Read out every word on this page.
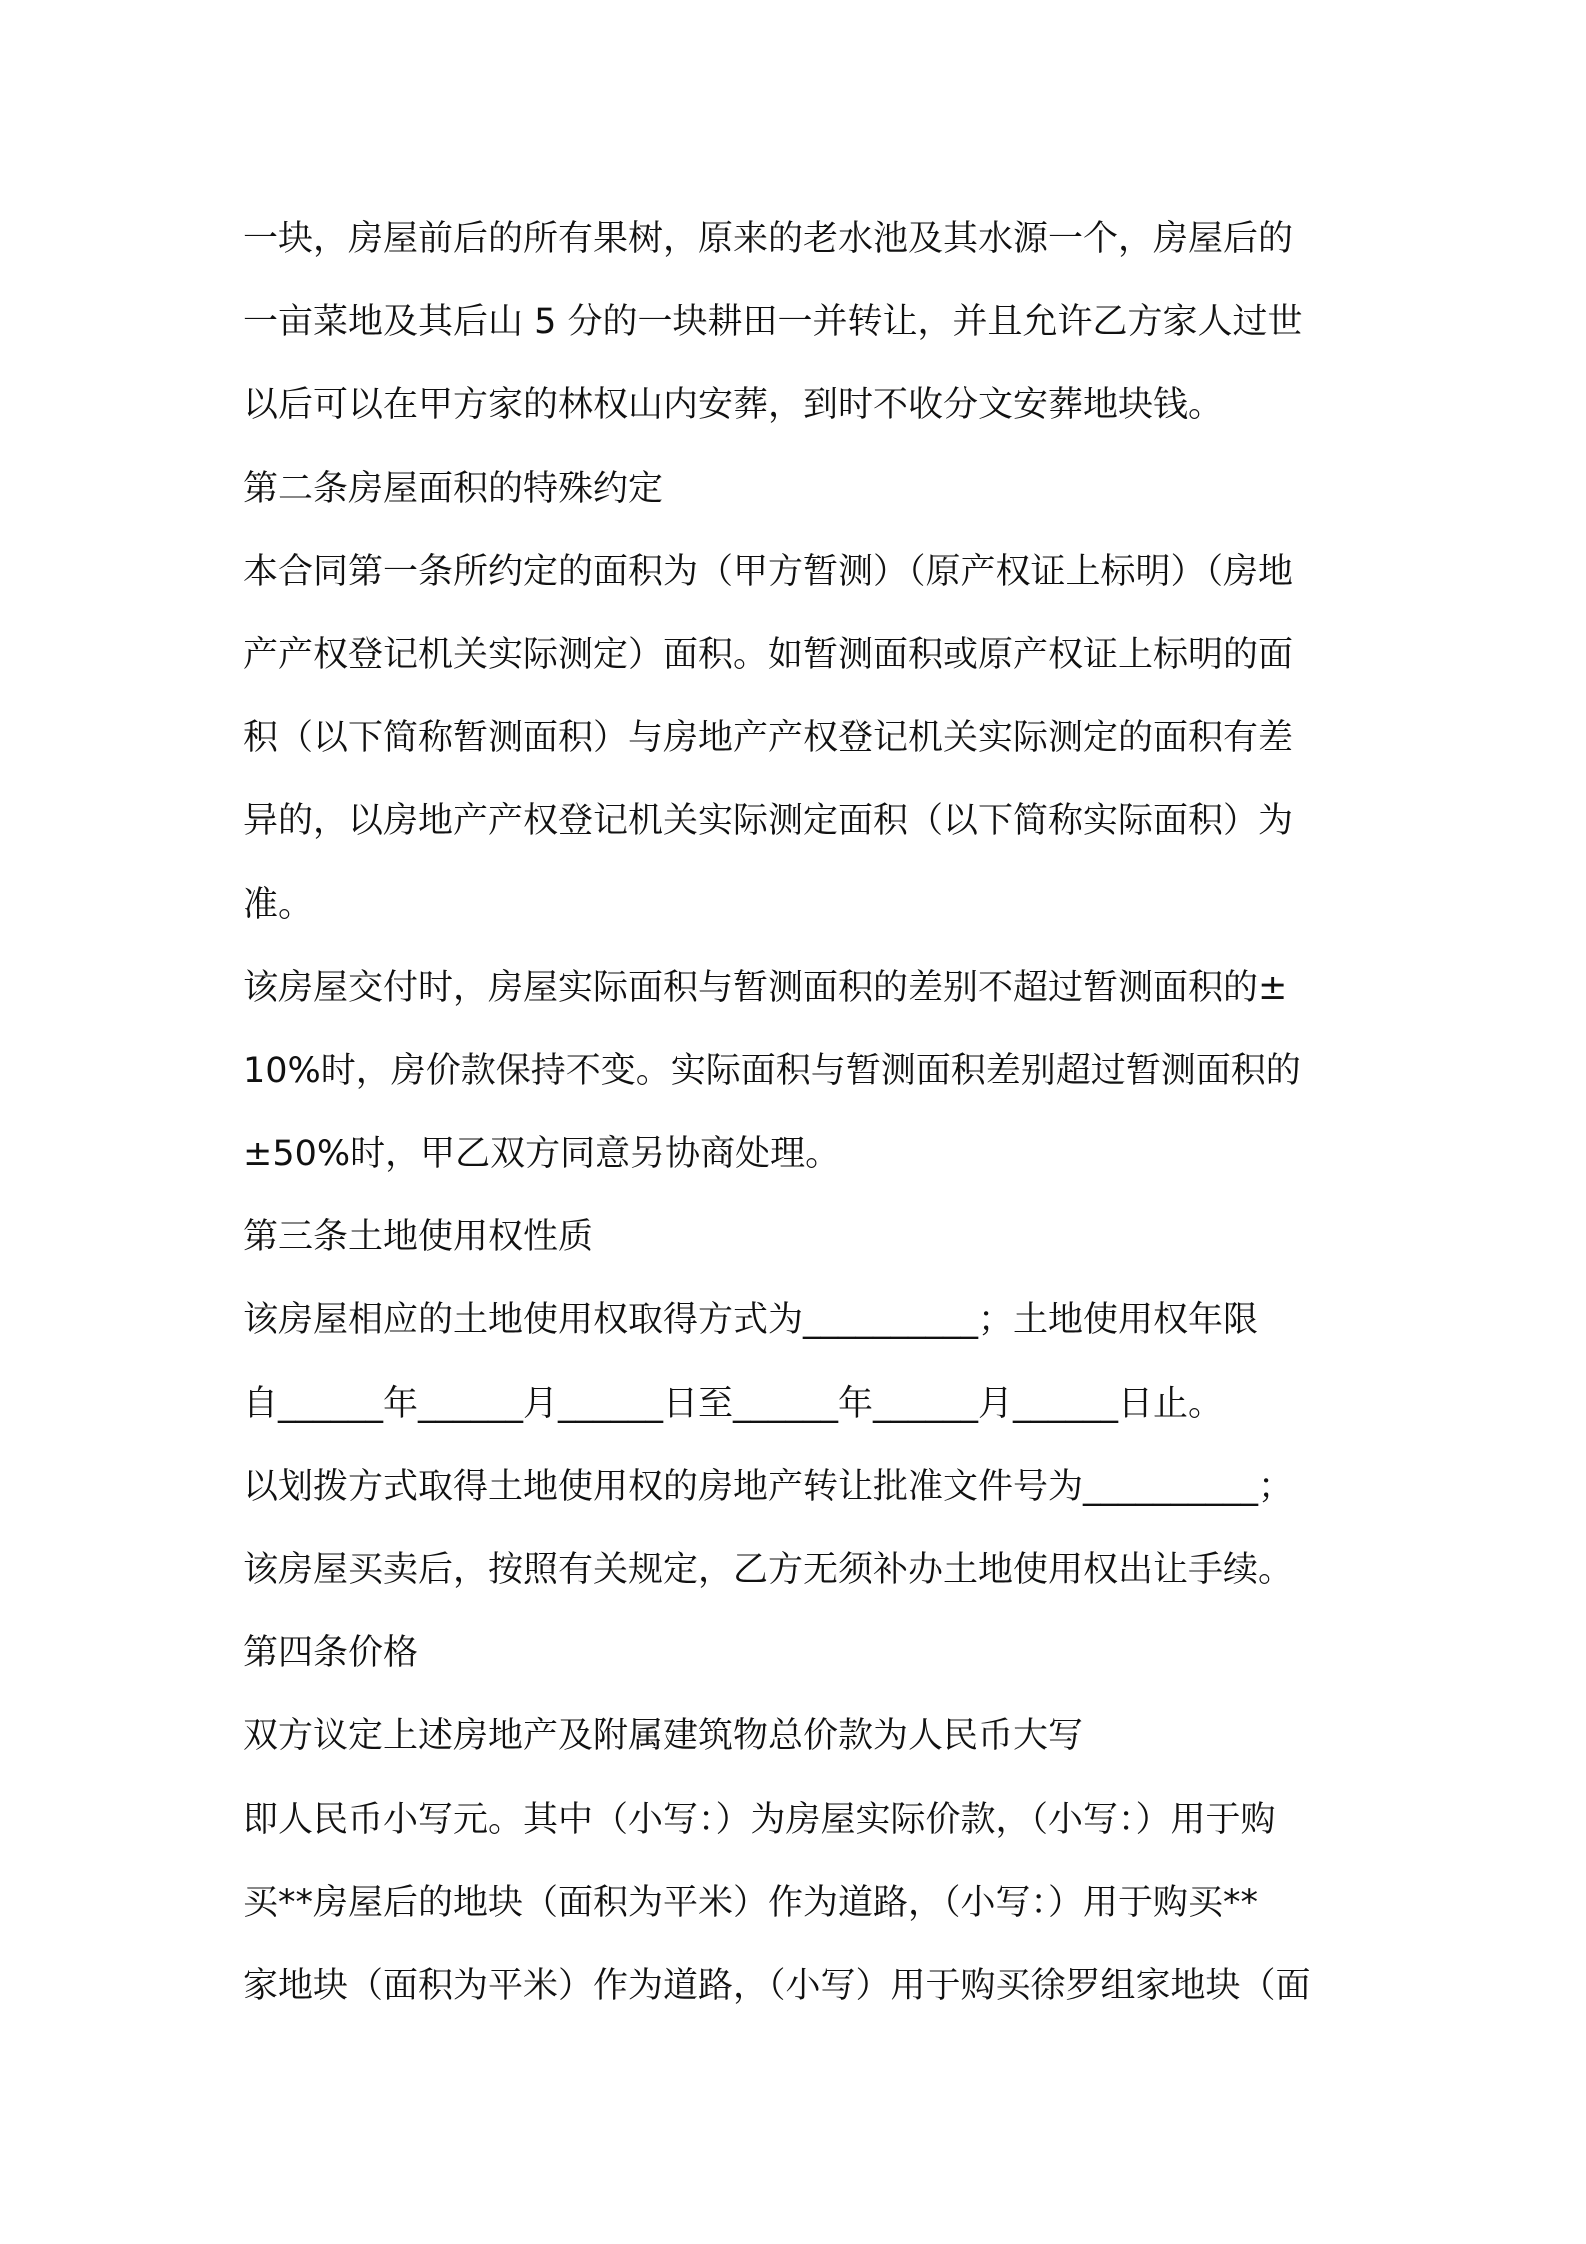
一块，房屋前后的所有果树，原来的老水池及其水源一个，房屋后的
一亩菜地及其后山 5 分的一块耕田一并转让，并且允许乙方家人过世
以后可以在甲方家的林权山内安葬，到时不收分文安葬地块钱。
第二条房屋面积的特殊约定
本合同第一条所约定的面积为（甲方暂测）（原产权证上标明）（房地
产产权登记机关实际测定）面积。如暂测面积或原产权证上标明的面
积（以下简称暂测面积）与房地产产权登记机关实际测定的面积有差
异的，以房地产产权登记机关实际测定面积（以下简称实际面积）为
准。
该房屋交付时，房屋实际面积与暂测面积的差别不超过暂测面积的±
10%时，房价款保持不变。实际面积与暂测面积差别超过暂测面积的
±50%时，甲乙双方同意另协商处理。
第三条土地使用权性质
该房屋相应的土地使用权取得方式为__________；土地使用权年限
自______年______月______日至______年______月______日止。
以划拨方式取得土地使用权的房地产转让批准文件号为__________；
该房屋买卖后，按照有关规定，乙方无须补办土地使用权出让手续。
第四条价格
双方议定上述房地产及附属建筑物总价款为人民币大写
即人民币小写元。其中（小写：）为房屋实际价款，（小写：）用于购
买**房屋后的地块（面积为平米）作为道路，（小写：）用于购买**
家地块（面积为平米）作为道路，（小写）用于购买徐罗组家地块（面
